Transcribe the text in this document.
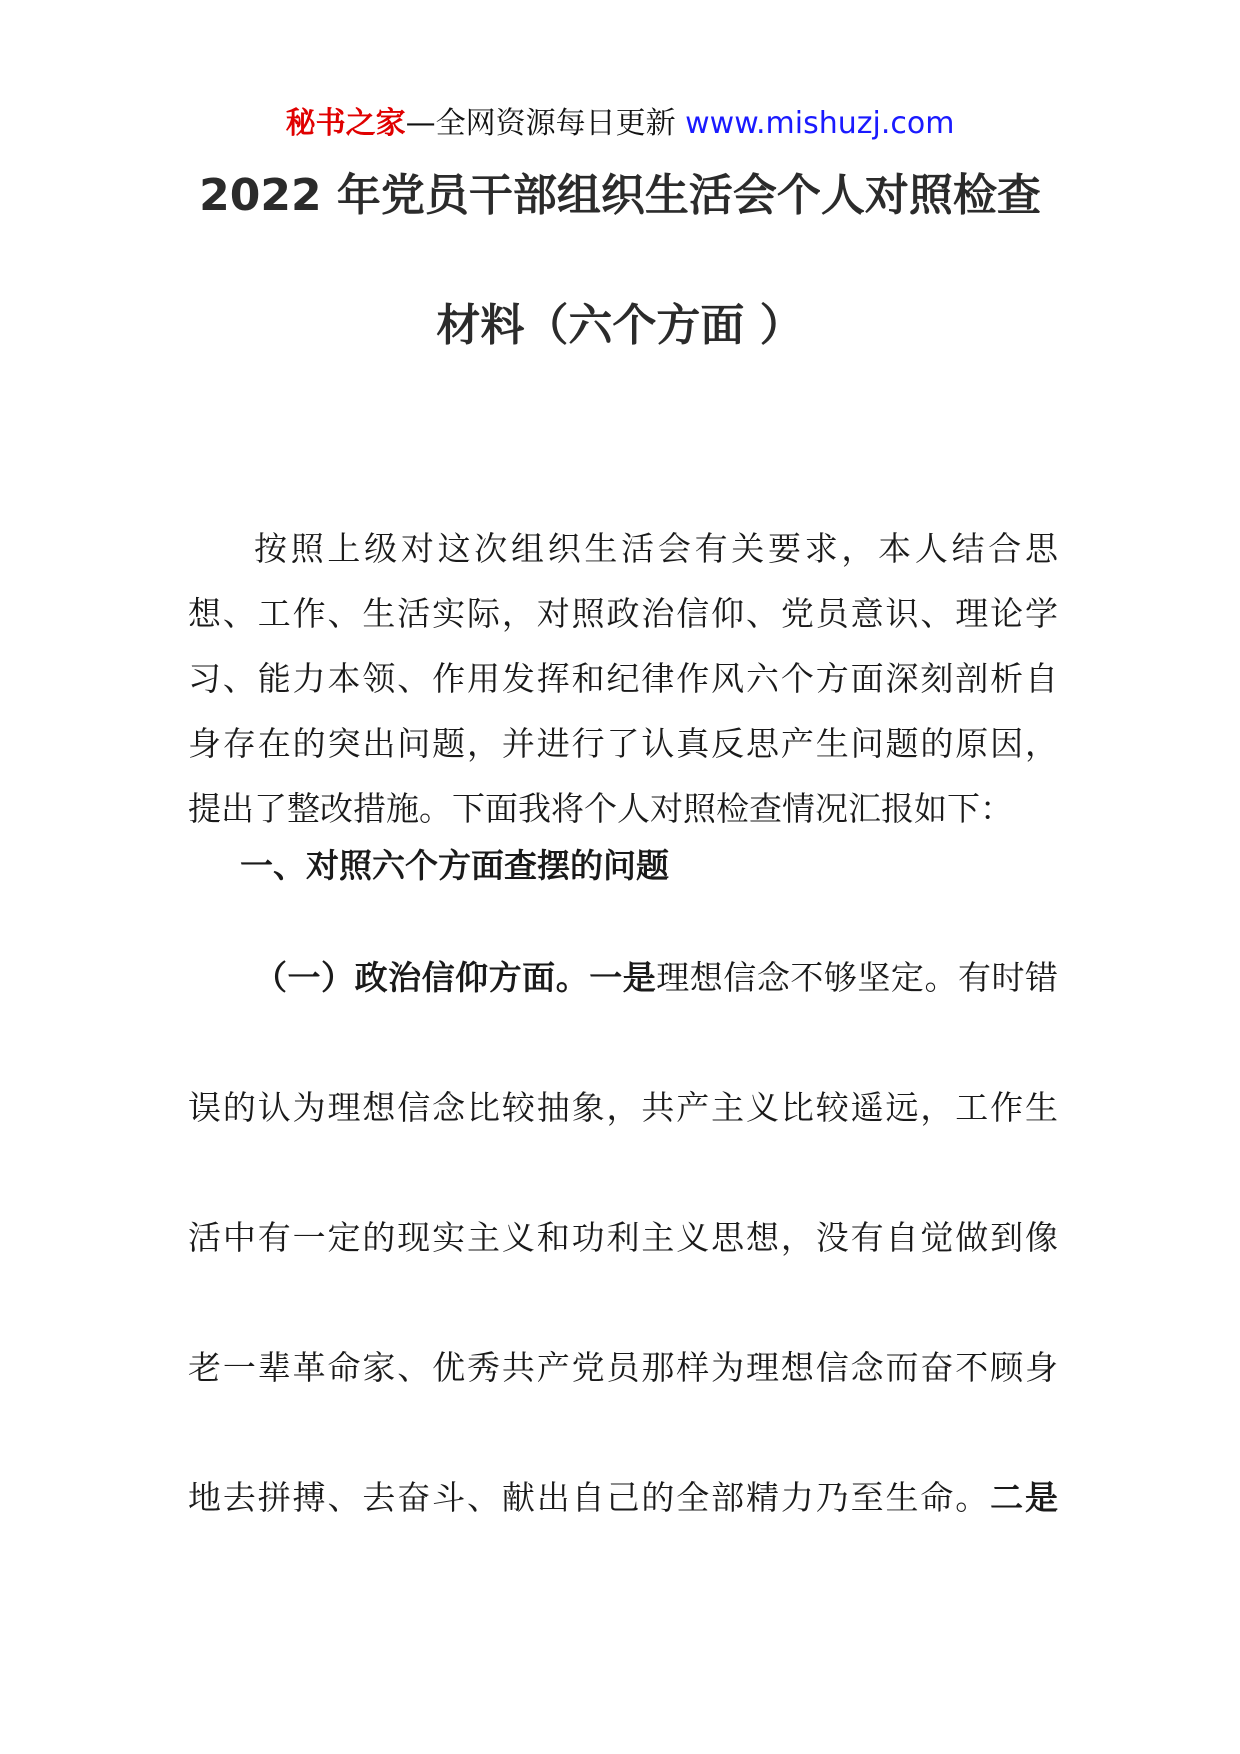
秘书之家—全网资源每日更新 www.mishuzj.com
2022 年党员干部组织生活会个人对照检查
材料（六个方面 ）
按照上级对这次组织生活会有关要求，本人结合思
想、工作、生活实际，对照政治信仰、党员意识、理论学
习、能力本领、作用发挥和纪律作风六个方面深刻剖析自
身存在的突出问题，并进行了认真反思产生问题的原因，
提出了整改措施。下面我将个人对照检查情况汇报如下：
一、对照六个方面查摆的问题
（一）政治信仰方面。一是理想信念不够坚定。有时错
误的认为理想信念比较抽象，共产主义比较遥远，工作生
活中有一定的现实主义和功利主义思想，没有自觉做到像
老一辈革命家、优秀共产党员那样为理想信念而奋不顾身
地去拼搏、去奋斗、献出自己的全部精力乃至生命。二是
